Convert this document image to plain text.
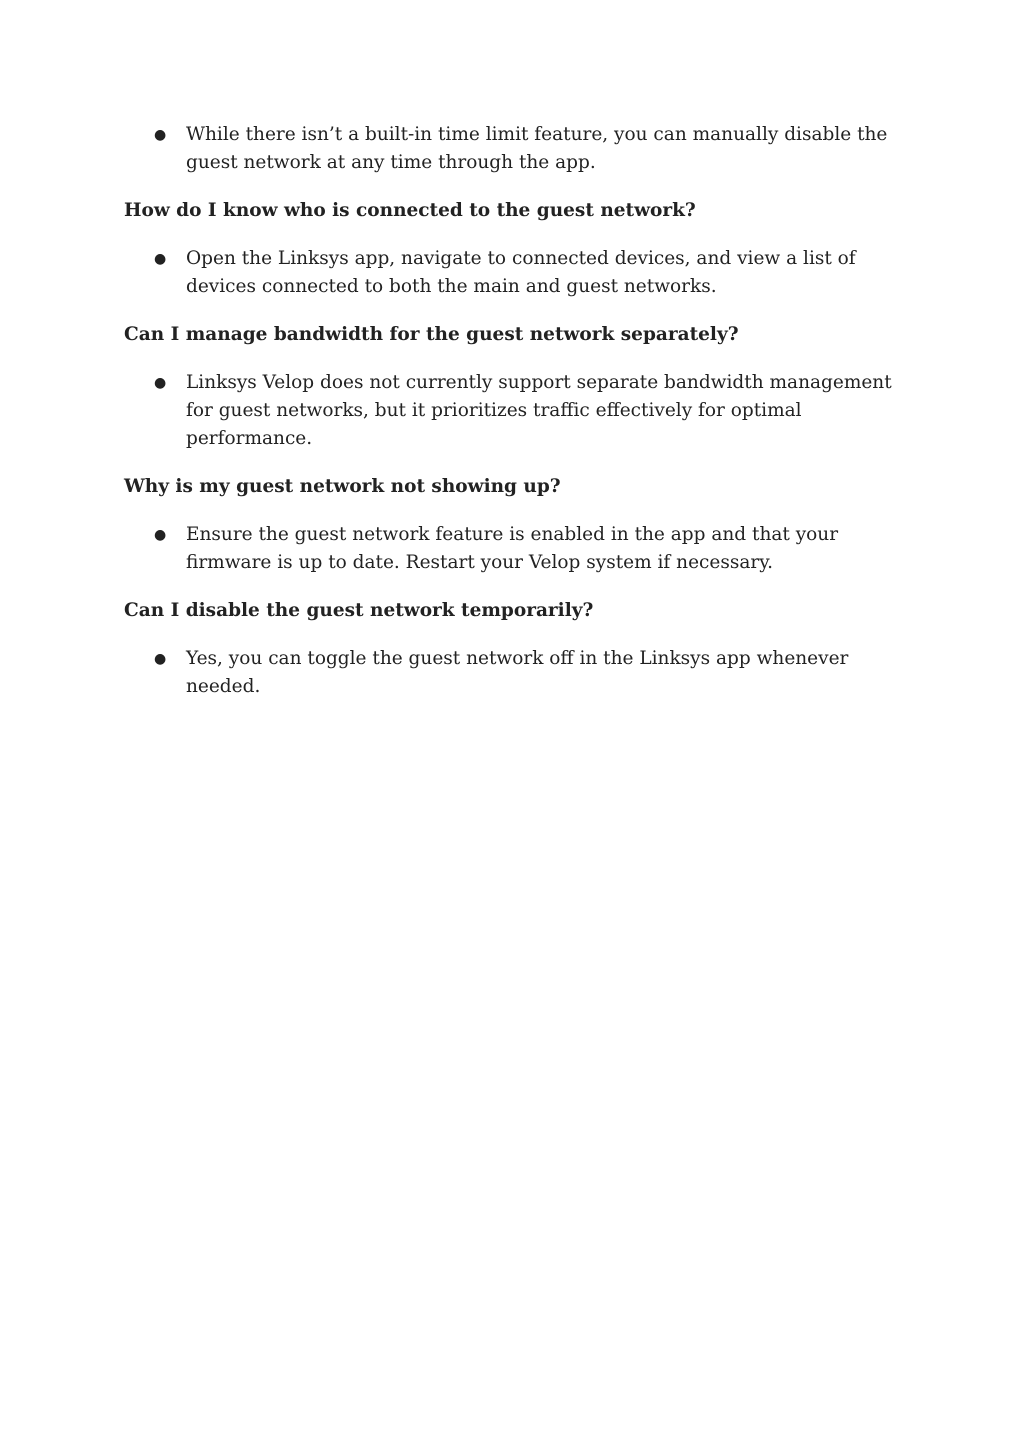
● While there isn’t a built-in time limit feature, you can manually disable the guest network at any time through the app.

How do I know who is connected to the guest network?

● Open the Linksys app, navigate to connected devices, and view a list of devices connected to both the main and guest networks.

Can I manage bandwidth for the guest network separately?

● Linksys Velop does not currently support separate bandwidth management for guest networks, but it prioritizes traffic effectively for optimal performance.

Why is my guest network not showing up?

● Ensure the guest network feature is enabled in the app and that your firmware is up to date. Restart your Velop system if necessary.

Can I disable the guest network temporarily?

● Yes, you can toggle the guest network off in the Linksys app whenever needed.
